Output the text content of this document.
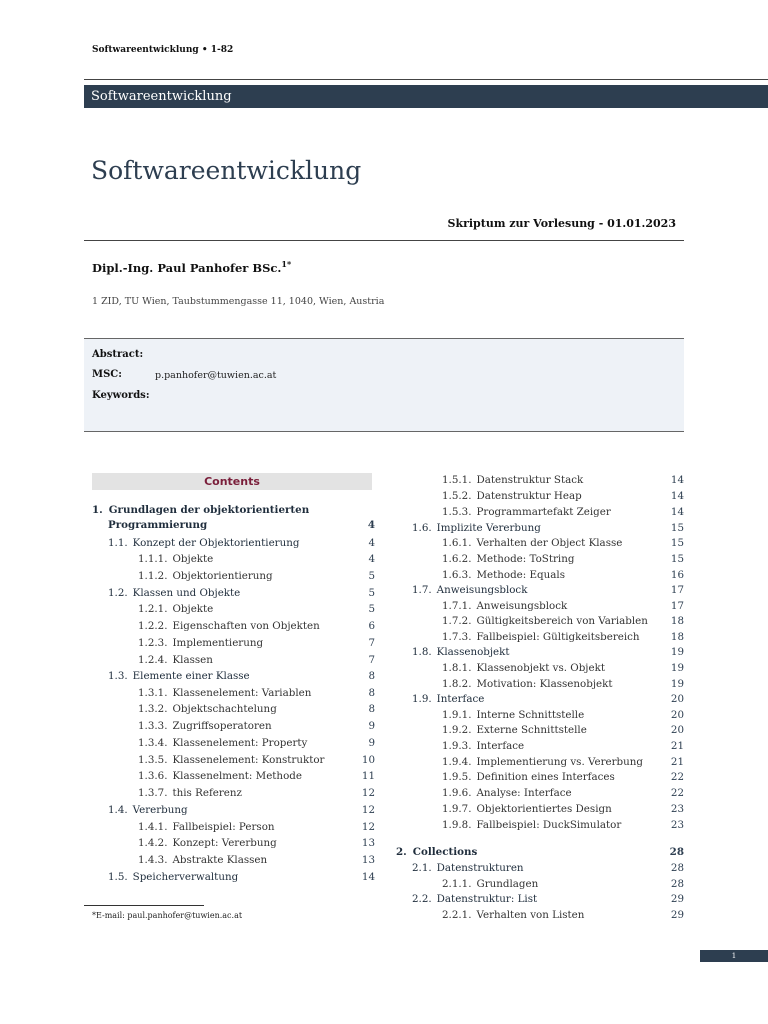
Softwareentwicklung • 1-82
Softwareentwicklung
Softwareentwicklung
Skriptum zur Vorlesung - 01.01.2023
Dipl.-Ing. Paul Panhofer BSc.$^{1*}$
1 ZID, TU Wien, Taubstummengasse 11, 1040, Wien, Austria
Abstract:
MSC:	p.panhofer@tuwien.ac.at
Keywords:
Contents
1. Grundlagen der objektorientierten
Programmierung	4
1.1. Konzept der Objektorientierung	4
1.1.1. Objekte	4
1.1.2. Objektorientierung	5
1.2. Klassen und Objekte	5
1.2.1. Objekte	5
1.2.2. Eigenschaften von Objekten	6
1.2.3. Implementierung	7
1.2.4. Klassen	7
1.3. Elemente einer Klasse	8
1.3.1. Klassenelement: Variablen	8
1.3.2. Objektschachtelung	8
1.3.3. Zugriffsoperatoren	9
1.3.4. Klassenelement: Property	9
1.3.5. Klassenelement: Konstruktor	10
1.3.6. Klassenelment: Methode	11
1.3.7. this Referenz	12
1.4. Vererbung	12
1.4.1. Fallbeispiel: Person	12
1.4.2. Konzept: Vererbung	13
1.4.3. Abstrakte Klassen	13
1.5. Speicherverwaltung	14
1.5.1. Datenstruktur Stack	14
1.5.2. Datenstruktur Heap	14
1.5.3. Programmartefakt Zeiger	14
1.6. Implizite Vererbung	15
1.6.1. Verhalten der Object Klasse	15
1.6.2. Methode: ToString	15
1.6.3. Methode: Equals	16
1.7. Anweisungsblock	17
1.7.1. Anweisungsblock	17
1.7.2. Gültigkeitsbereich von Variablen	18
1.7.3. Fallbeispiel: Gültigkeitsbereich	18
1.8. Klassenobjekt	19
1.8.1. Klassenobjekt vs. Objekt	19
1.8.2. Motivation: Klassenobjekt	19
1.9. Interface	20
1.9.1. Interne Schnittstelle	20
1.9.2. Externe Schnittstelle	20
1.9.3. Interface	21
1.9.4. Implementierung vs. Vererbung	21
1.9.5. Definition eines Interfaces	22
1.9.6. Analyse: Interface	22
1.9.7. Objektorientiertes Design	23
1.9.8. Fallbeispiel: DuckSimulator	23
2. Collections	28
2.1. Datenstrukturen	28
2.1.1. Grundlagen	28
2.2. Datenstruktur: List	29
2.2.1. Verhalten von Listen	29
*E-mail: paul.panhofer@tuwien.ac.at
1
